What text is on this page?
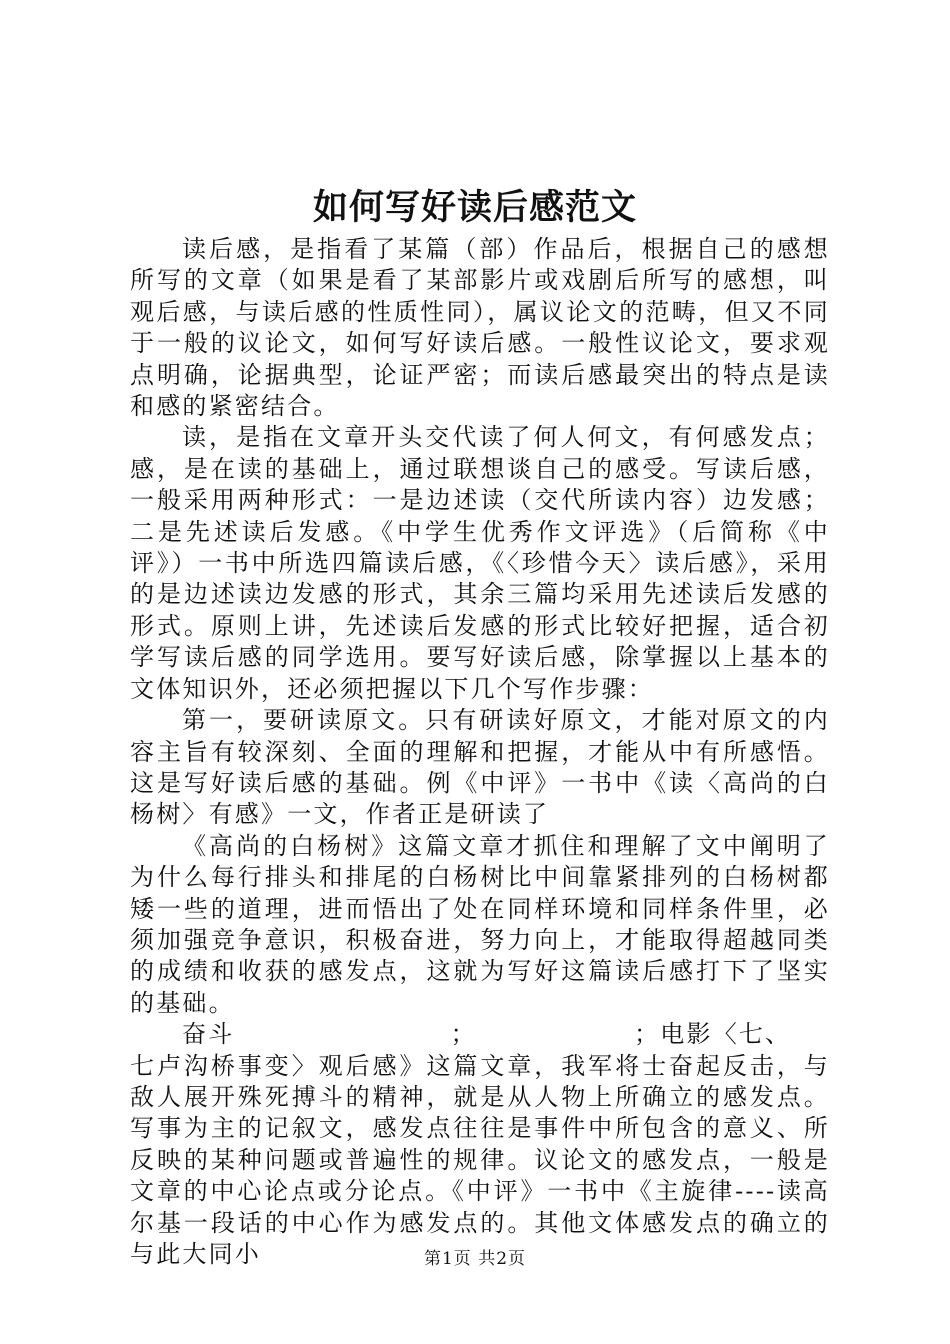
如何写好读后感范文

读后感，是指看了某篇（部）作品后，根据自己的感想所写的文章（如果是看了某部影片或戏剧后所写的感想，叫观后感，与读后感的性质性同），属议论文的范畴，但又不同于一般的议论文，如何写好读后感。一般性议论文，要求观点明确，论据典型，论证严密；而读后感最突出的特点是读和感的紧密结合。

读，是指在文章开头交代读了何人何文，有何感发点；感，是在读的基础上，通过联想谈自己的感受。写读后感，一般采用两种形式：一是边述读（交代所读内容）边发感；二是先述读后发感。《中学生优秀作文评选》（后简称《中评》）一书中所选四篇读后感，《〈珍惜今天〉读后感》，采用的是边述读边发感的形式，其余三篇均采用先述读后发感的形式。原则上讲，先述读后发感的形式比较好把握，适合初学写读后感的同学选用。要写好读后感，除掌握以上基本的文体知识外，还必须把握以下几个写作步骤：

第一，要研读原文。只有研读好原文，才能对原文的内容主旨有较深刻、全面的理解和把握，才能从中有所感悟。这是写好读后感的基础。例《中评》一书中《读〈高尚的白杨树〉有感》一文，作者正是研读了

《高尚的白杨树》这篇文章才抓住和理解了文中阐明了为什么每行排头和排尾的白杨树比中间靠紧排列的白杨树都矮一些的道理，进而悟出了处在同样环境和同样条件里，必须加强竞争意识，积极奋进，努力向上，才能取得超越同类的成绩和收获的感发点，这就为写好这篇读后感打下了坚实的基础。

奋斗                      ；                ；电影〈七、

七卢沟桥事变〉观后感》这篇文章，我军将士奋起反击，与敌人展开殊死搏斗的精神，就是从人物上所确立的感发点。写事为主的记叙文，感发点往往是事件中所包含的意义、所反映的某种问题或普遍性的规律。议论文的感发点，一般是文章的中心论点或分论点。《中评》一书中《主旋律----读高尔基一段话的中心作为感发点的。其他文体感发点的确立的与此大同小	第1页 共2页
